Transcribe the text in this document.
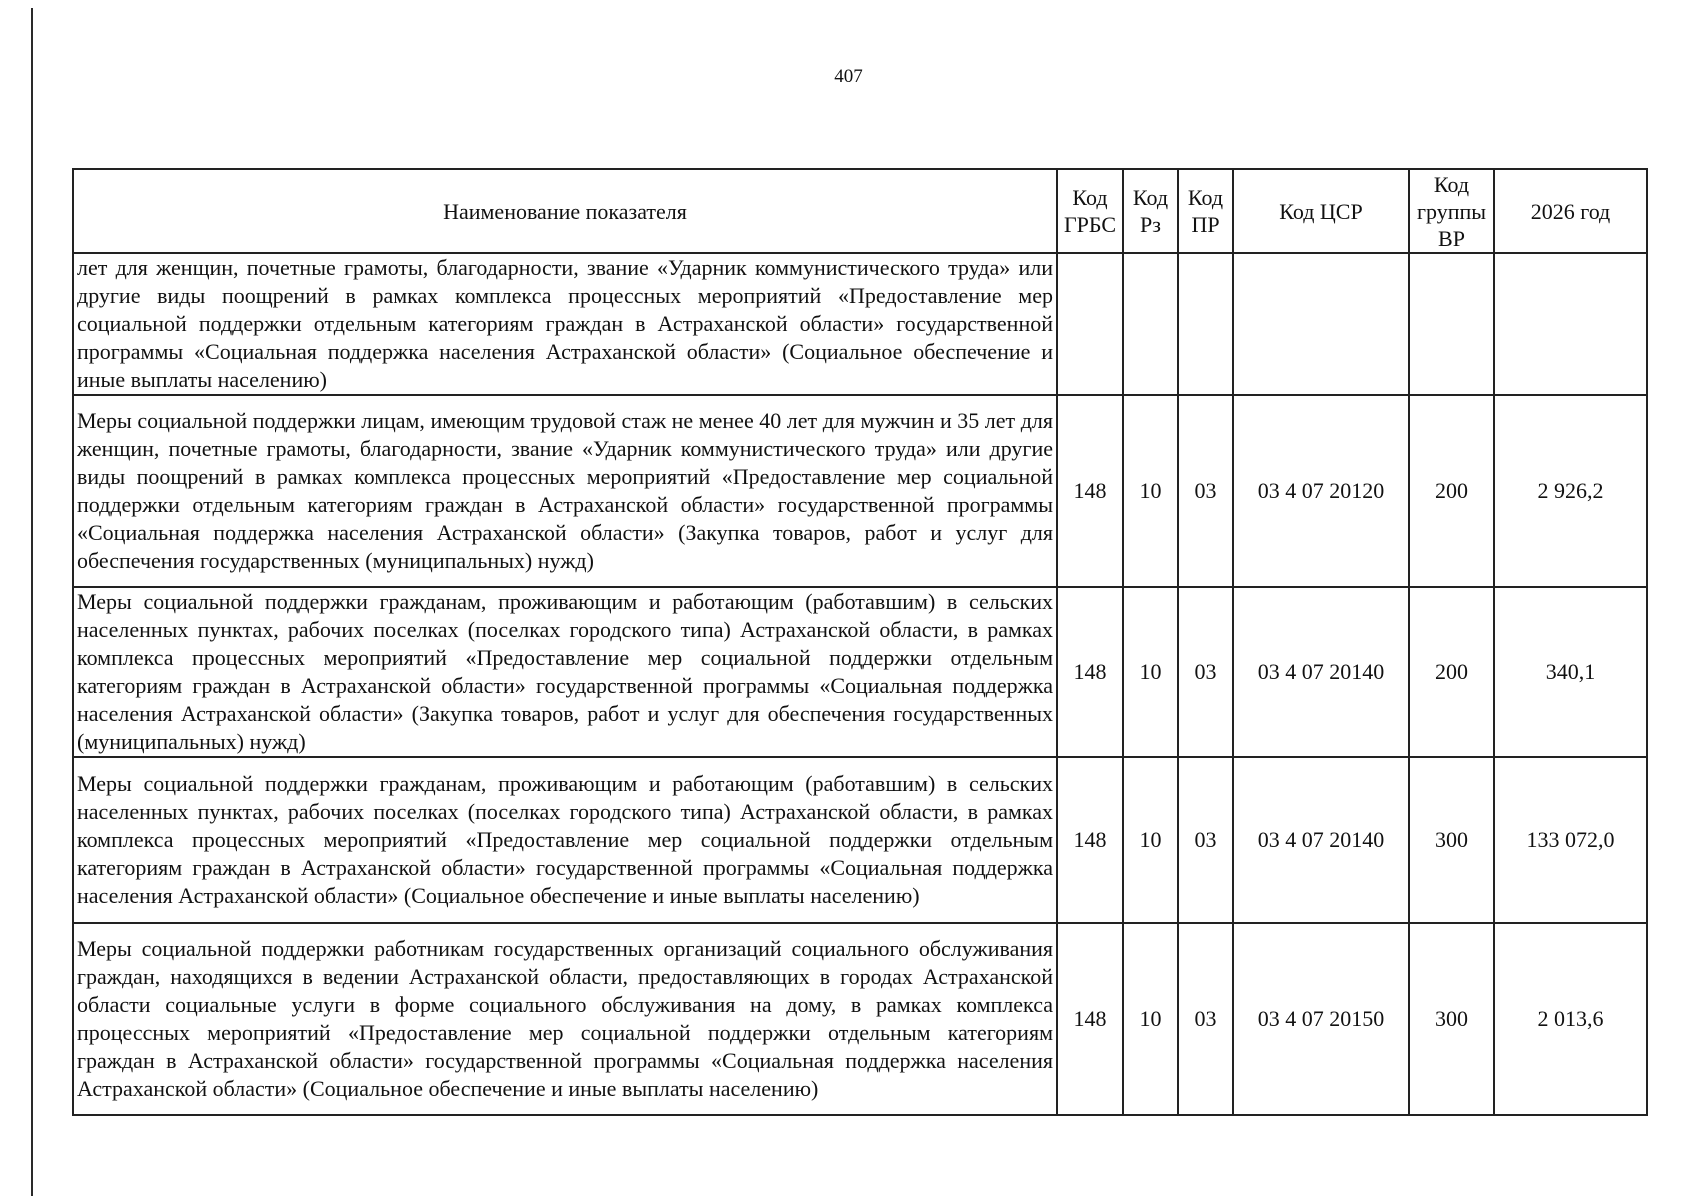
407
Наименование показателя	Код ГРБС	Код Рз	Код ПР	Код ЦСР	Код группы ВР	2026 год
лет для женщин, почетные грамоты, благодарности, звание «Ударник коммунистического труда» или другие виды поощрений в рамках комплекса процессных мероприятий «Предоставление мер социальной поддержки отдельным категориям граждан в Астраханской области» государственной программы «Социальная поддержка населения Астраханской области» (Социальное обеспечение и иные выплаты населению)						
Меры социальной поддержки лицам, имеющим трудовой стаж не менее 40 лет для мужчин и 35 лет для женщин, почетные грамоты, благодарности, звание «Ударник коммунистического труда» или другие виды поощрений в рамках комплекса процессных мероприятий «Предоставление мер социальной поддержки отдельным категориям граждан в Астраханской области» государственной программы «Социальная поддержка населения Астраханской области» (Закупка товаров, работ и услуг для обеспечения государственных (муниципальных) нужд)	148	10	03	03 4 07 20120	200	2 926,2
Меры социальной поддержки гражданам, проживающим и работающим (работавшим) в сельских населенных пунктах, рабочих поселках (поселках городского типа) Астраханской области, в рамках комплекса процессных мероприятий «Предоставление мер социальной поддержки отдельным категориям граждан в Астраханской области» государственной программы «Социальная поддержка населения Астраханской области» (Закупка товаров, работ и услуг для обеспечения государственных (муниципальных) нужд)	148	10	03	03 4 07 20140	200	340,1
Меры социальной поддержки гражданам, проживающим и работающим (работавшим) в сельских населенных пунктах, рабочих поселках (поселках городского типа) Астраханской области, в рамках комплекса процессных мероприятий «Предоставление мер социальной поддержки отдельным категориям граждан в Астраханской области» государственной программы «Социальная поддержка населения Астраханской области» (Социальное обеспечение и иные выплаты населению)	148	10	03	03 4 07 20140	300	133 072,0
Меры социальной поддержки работникам государственных организаций социального обслуживания граждан, находящихся в ведении Астраханской области, предоставляющих в городах Астраханской области социальные услуги в форме социального обслуживания на дому, в рамках комплекса процессных мероприятий «Предоставление мер социальной поддержки отдельным категориям граждан в Астраханской области» государственной программы «Социальная поддержка населения Астраханской области» (Социальное обеспечение и иные выплаты населению)	148	10	03	03 4 07 20150	300	2 013,6
